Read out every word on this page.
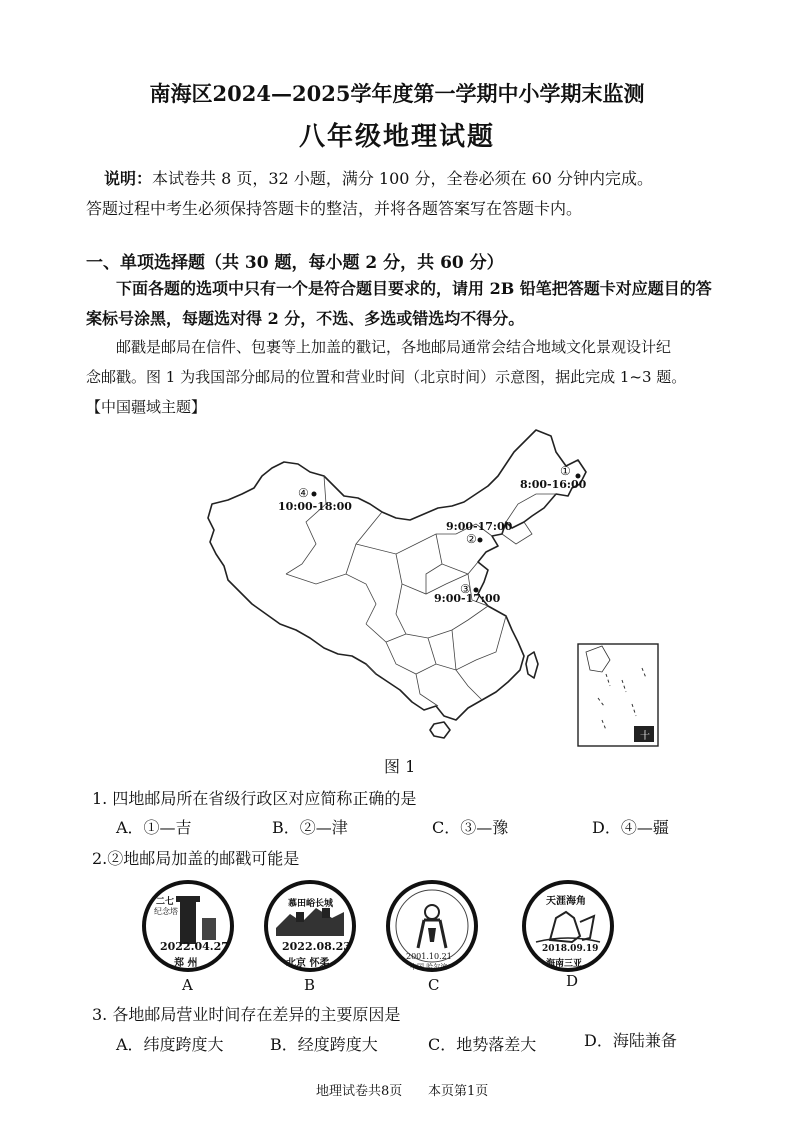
南海区2024—2025学年度第一学期中小学期末监测
八年级地理试题
说明：本试卷共 8 页，32 小题，满分 100 分，全卷必须在 60 分钟内完成。
答题过程中考生必须保持答题卡的整洁，并将各题答案写在答题卡内。
一、单项选择题（共 30 题，每小题 2 分，共 60 分）
下面各题的选项中只有一个是符合题目要求的，请用 2B 铅笔把答题卡对应题目的答
案标号涂黑，每题选对得 2 分，不选、多选或错选均不得分。
邮戳是邮局在信件、包裹等上加盖的戳记，各地邮局通常会结合地域文化景观设计纪
念邮戳。图 1 为我国部分邮局的位置和营业时间（北京时间）示意图，据此完成 1~3 题。
【中国疆域主题】
十
①
8:00-16:00
9:00-17:00
②
③
9:00-17:00
④
10:00-18:00
图 1
1. 四地邮局所在省级行政区对应简称正确的是
A．①—吉	B．②—津	C．③—豫	D．④—疆
2.②地邮局加盖的邮戳可能是
二七
纪念塔
2022.04.27
郑 州
A
慕田峪长城
2022.08.23
北京 怀柔
B
2001.10.21
中国 哈尔滨
C
天涯海角
2018.09.19
海南三亚
D
3. 各地邮局营业时间存在差异的主要原因是
A．纬度跨度大	B．经度跨度大	C．地势落差大	D．海陆兼备
地理试卷共8页 本页第1页
